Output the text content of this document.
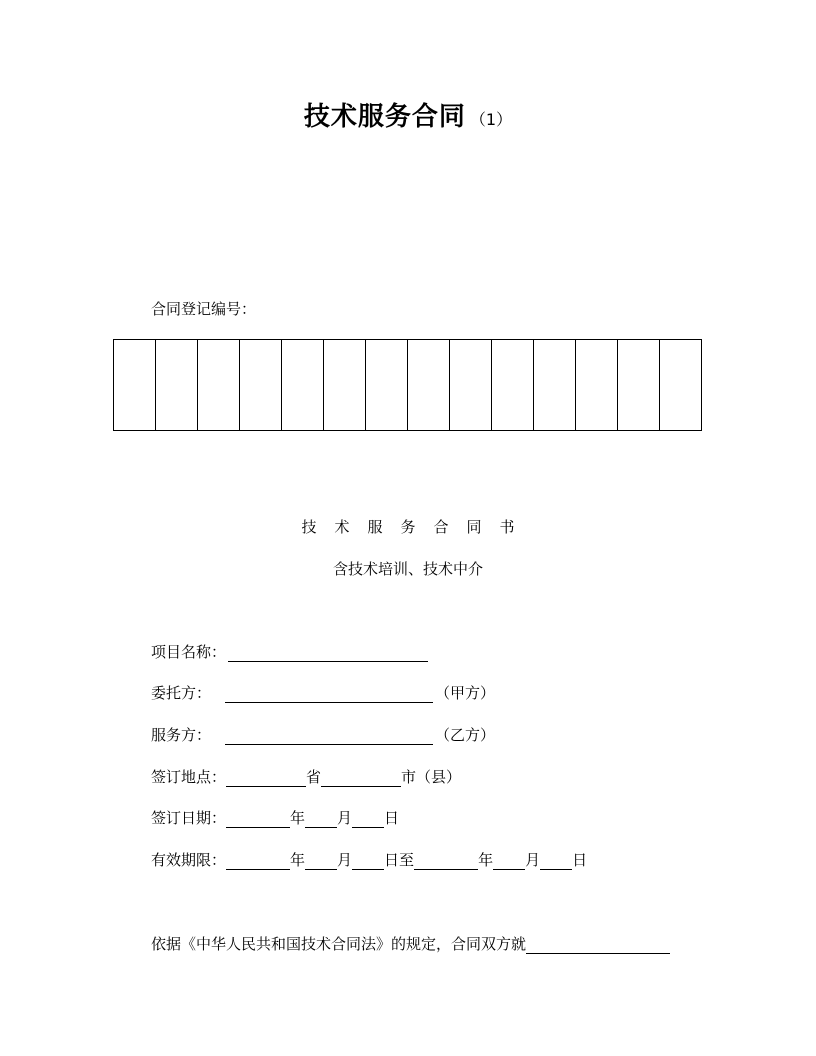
技术服务合同 （1）
合同登记编号：
技术服务合同书
含技术培训、技术中介
项目名称：
委托方：	（甲方）
服务方：	（乙方）
签订地点：	省	市（县）
签订日期：	年 月 日
有效期限：	年 月 日至	年 月 日
依据《中华人民共和国技术合同法》的规定，合同双方就
